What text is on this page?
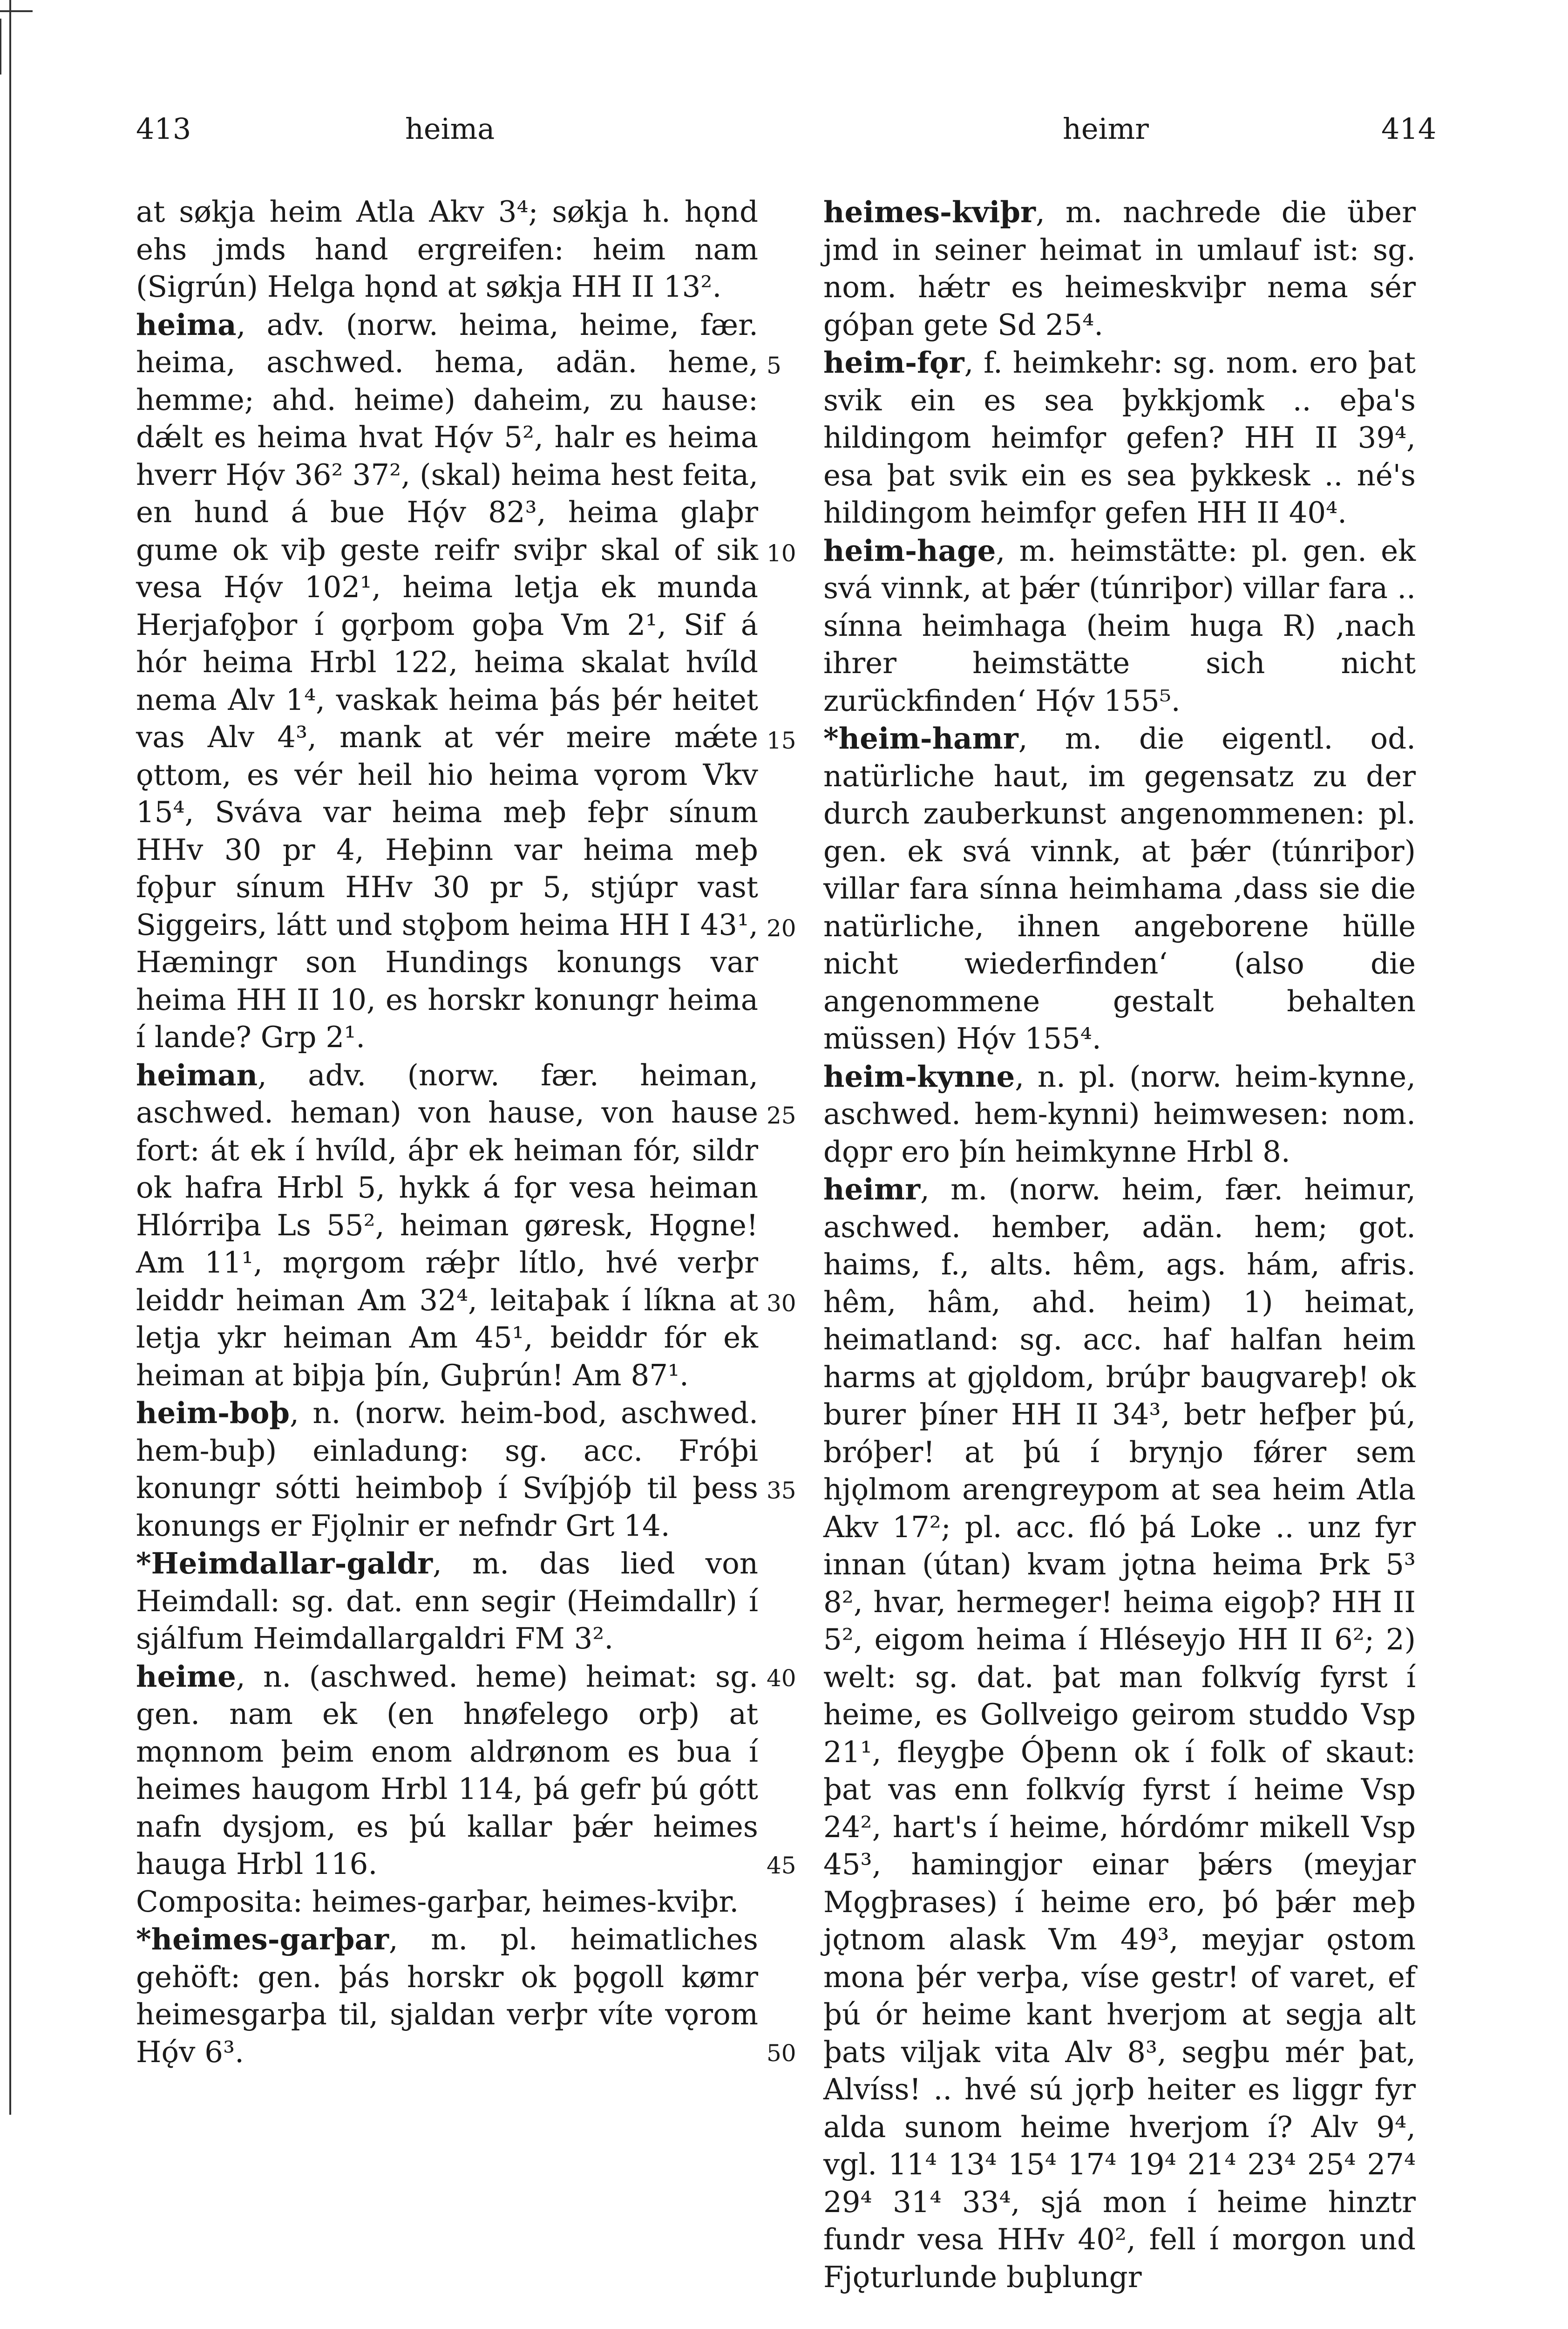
413	heima	heimr	414

at søkja heim Atla Akv 3⁴; søkja h. hǫnd ehs jmds hand ergreifen: heim nam (Sigrún) Helga hǫnd at søkja HH II 13².

heima, adv. (norw. heima, heime, fær. heima, aschwed. hema, adän. heme, hemme; ahd. heime) daheim, zu hause: dǽlt es heima hvat Hǫ́v 5², halr es heima hverr Hǫ́v 36² 37², (skal) heima hest feita, en hund á bue Hǫ́v 82³, heima glaþr gume ok viþ geste reifr sviþr skal of sik vesa Hǫ́v 102¹, heima letja ek munda Herjafǫþor í gǫrþom goþa Vm 2¹, Sif á hór heima Hrbl 122, heima skalat hvíld nema Alv 1⁴, vaskak heima þás þér heitet vas Alv 4³, mank at vér meire mǽte ǫttom, es vér heil hio heima vǫrom Vkv 15⁴, Sváva var heima meþ feþr sínum HHv 30 pr 4, Heþinn var heima meþ fǫþur sínum HHv 30 pr 5, stjúpr vast Siggeirs, látt und stǫþom heima HH I 43¹, Hæmingr son Hundings konungs var heima HH II 10, es horskr konungr heima í lande? Grp 2¹.

heiman, adv. (norw. fær. heiman, aschwed. heman) von hause, von hause fort: át ek í hvíld, áþr ek heiman fór, sildr ok hafra Hrbl 5, hykk á fǫr vesa heiman Hlórriþa Ls 55², heiman gøresk, Hǫgne! Am 11¹, mǫrgom rǽþr lítlo, hvé verþr leiddr heiman Am 32⁴, leitaþak í líkna at letja ykr heiman Am 45¹, beiddr fór ek heiman at biþja þín, Guþrún! Am 87¹.

heim-boþ, n. (norw. heim-bod, aschwed. hem-buþ) einladung: sg. acc. Fróþi konungr sótti heimboþ í Svíþjóþ til þess konungs er Fjǫlnir er nefndr Grt 14.

*Heimdallar-galdr, m. das lied von Heimdall: sg. dat. enn segir (Heimdallr) í sjálfum Heimdallargaldri FM 3².

heime, n. (aschwed. heme) heimat: sg. gen. nam ek (en hnøfelego orþ) at mǫnnom þeim enom aldrønom es bua í heimes haugom Hrbl 114, þá gefr þú gótt nafn dysjom, es þú kallar þǽr heimes hauga Hrbl 116.

Composita: heimes-garþar, heimes-kviþr.

*heimes-garþar, m. pl. heimatliches gehöft: gen. þás horskr ok þǫgoll kømr heimesgarþa til, sjaldan verþr víte vǫrom Hǫ́v 6³.

5
10
15
20
25
30
35
40
45
50

heimes-kviþr, m. nachrede die über jmd in seiner heimat in umlauf ist: sg. nom. hǽtr es heimeskviþr nema sér góþan gete Sd 25⁴.

heim-fǫr, f. heimkehr: sg. nom. ero þat svik ein es sea þykkjomk .. eþa's hildingom heimfǫr gefen? HH II 39⁴, esa þat svik ein es sea þykkesk .. né's hildingom heimfǫr gefen HH II 40⁴.

heim-hage, m. heimstätte: pl. gen. ek svá vinnk, at þǽr (túnriþor) villar fara .. sínna heimhaga (heim huga R) ‚nach ihrer heimstätte sich nicht zurückfinden‘ Hǫ́v 155⁵.

*heim-hamr, m. die eigentl. od. natürliche haut, im gegensatz zu der durch zauberkunst angenommenen: pl. gen. ek svá vinnk, at þǽr (túnriþor) villar fara sínna heimhama ‚dass sie die natürliche, ihnen angeborene hülle nicht wiederfinden‘ (also die angenommene gestalt behalten müssen) Hǫ́v 155⁴.

heim-kynne, n. pl. (norw. heim-kynne, aschwed. hem-kynni) heimwesen: nom. dǫpr ero þín heimkynne Hrbl 8.

heimr, m. (norw. heim, fær. heimur, aschwed. hember, adän. hem; got. haims, f., alts. hêm, ags. hám, afris. hêm, hâm, ahd. heim) 1) heimat, heimatland: sg. acc. haf halfan heim harms at gjǫldom, brúþr baugvareþ! ok burer þíner HH II 34³, betr hefþer þú, bróþer! at þú í brynjo fǿrer sem hjǫlmom arengreypom at sea heim Atla Akv 17²; pl. acc. fló þá Loke .. unz fyr innan (útan) kvam jǫtna heima Þrk 5³ 8², hvar, hermeger! heima eigoþ? HH II 5², eigom heima í Hléseyjo HH II 6²; 2) welt: sg. dat. þat man folkvíg fyrst í heime, es Gollveigo geirom studdo Vsp 21¹, fleygþe Óþenn ok í folk of skaut: þat vas enn folkvíg fyrst í heime Vsp 24², hart's í heime, hórdómr mikell Vsp 45³, hamingjor einar þǽrs (meyjar Mǫgþrases) í heime ero, þó þǽr meþ jǫtnom alask Vm 49³, meyjar ǫstom mona þér verþa, víse gestr! of varet, ef þú ór heime kant hverjom at segja alt þats viljak vita Alv 8³, segþu mér þat, Alvíss! .. hvé sú jǫrþ heiter es liggr fyr alda sunom heime hverjom í? Alv 9⁴, vgl. 11⁴ 13⁴ 15⁴ 17⁴ 19⁴ 21⁴ 23⁴ 25⁴ 27⁴ 29⁴ 31⁴ 33⁴, sjá mon í heime hinztr fundr vesa HHv 40², fell í morgon und Fjǫturlunde buþlungr
